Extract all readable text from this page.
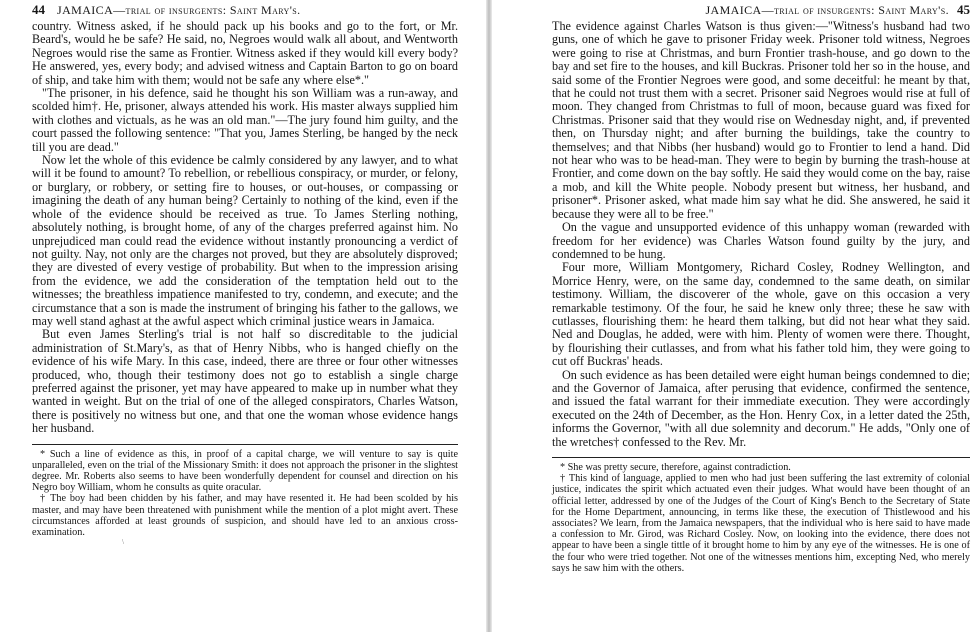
44 JAMAICA—trial of insurgents: Saint Mary's.

country. Witness asked, if he should pack up his books and go to the fort, or Mr. Beard's, would he be safe? He said, no, Negroes would walk all about, and Wentworth Negroes would rise the same as Frontier. Witness asked if they would kill every body? He answered, yes, every body; and advised witness and Captain Barton to go on board of ship, and take him with them; would not be safe any where else*."

"The prisoner, in his defence, said he thought his son William was a run-away, and scolded him†. He, prisoner, always attended his work. His master always supplied him with clothes and victuals, as he was an old man."—The jury found him guilty, and the court passed the following sentence: "That you, James Sterling, be hanged by the neck till you are dead."

Now let the whole of this evidence be calmly considered by any lawyer, and to what will it be found to amount? To rebellion, or rebellious conspiracy, or murder, or felony, or burglary, or robbery, or setting fire to houses, or out-houses, or compassing or imagining the death of any human being? Certainly to nothing of the kind, even if the whole of the evidence should be received as true. To James Sterling nothing, absolutely nothing, is brought home, of any of the charges preferred against him. No unprejudiced man could read the evidence without instantly pronouncing a verdict of not guilty. Nay, not only are the charges not proved, but they are absolutely disproved; they are divested of every vestige of probability. But when to the impression arising from the evidence, we add the consideration of the temptation held out to the witnesses; the breathless impatience manifested to try, condemn, and execute; and the circumstance that a son is made the instrument of bringing his father to the gallows, we may well stand aghast at the awful aspect which criminal justice wears in Jamaica.

But even James Sterling's trial is not half so discreditable to the judicial administration of St.Mary's, as that of Henry Nibbs, who is hanged chiefly on the evidence of his wife Mary. In this case, indeed, there are three or four other witnesses produced, who, though their testimony does not go to establish a single charge preferred against the prisoner, yet may have appeared to make up in number what they wanted in weight. But on the trial of one of the alleged conspirators, Charles Watson, there is positively no witness but one, and that one the woman whose evidence hangs her husband.

* Such a line of evidence as this, in proof of a capital charge, we will venture to say is quite unparalleled, even on the trial of the Missionary Smith: it does not approach the prisoner in the slightest degree. Mr. Roberts also seems to have been wonderfully dependent for counsel and direction on his Negro boy William, whom he consults as quite oracular.

† The boy had been chidden by his father, and may have resented it. He had been scolded by his master, and may have been threatened with punishment while the mention of a plot might avert. These circumstances afforded at least grounds of suspicion, and should have led to an anxious cross-examination.

\
JAMAICA—trial of insurgents: Saint Mary's. 45

The evidence against Charles Watson is thus given:—"Witness's husband had two guns, one of which he gave to prisoner Friday week. Prisoner told witness, Negroes were going to rise at Christmas, and burn Frontier trash-house, and go down to the bay and set fire to the houses, and kill Buckras. Prisoner told her so in the house, and said some of the Frontier Negroes were good, and some deceitful: he meant by that, that he could not trust them with a secret. Prisoner said Negroes would rise at full of moon. They changed from Christmas to full of moon, because guard was fixed for Christmas. Prisoner said that they would rise on Wednesday night, and, if prevented then, on Thursday night; and after burning the buildings, take the country to themselves; and that Nibbs (her husband) would go to Frontier to lend a hand. Did not hear who was to be head-man. They were to begin by burning the trash-house at Frontier, and come down on the bay softly. He said they would come on the bay, raise a mob, and kill the White people. Nobody present but witness, her husband, and prisoner*. Prisoner asked, what made him say what he did. She answered, he said it because they were all to be free."

On the vague and unsupported evidence of this unhappy woman (rewarded with freedom for her evidence) was Charles Watson found guilty by the jury, and condemned to be hung.

Four more, William Montgomery, Richard Cosley, Rodney Wellington, and Morrice Henry, were, on the same day, condemned to the same death, on similar testimony. William, the discoverer of the whole, gave on this occasion a very remarkable testimony. Of the four, he said he knew only three; these he saw with cutlasses, flourishing them: he heard them talking, but did not hear what they said. Ned and Douglas, he added, were with him. Plenty of women were there. Thought, by flourishing their cutlasses, and from what his father told him, they were going to cut off Buckras' heads.

On such evidence as has been detailed were eight human beings condemned to die; and the Governor of Jamaica, after perusing that evidence, confirmed the sentence, and issued the fatal warrant for their immediate execution. They were accordingly executed on the 24th of December, as the Hon. Henry Cox, in a letter dated the 25th, informs the Governor, "with all due solemnity and decorum." He adds, "Only one of the wretches† confessed to the Rev. Mr.

* She was pretty secure, therefore, against contradiction.

† This kind of language, applied to men who had just been suffering the last extremity of colonial justice, indicates the spirit which actuated even their judges. What would have been thought of an official letter, addressed by one of the Judges of the Court of King's Bench to the Secretary of State for the Home Department, announcing, in terms like these, the execution of Thistlewood and his associates? We learn, from the Jamaica newspapers, that the individual who is here said to have made a confession to Mr. Girod, was Richard Cosley. Now, on looking into the evidence, there does not appear to have been a single tittle of it brought home to him by any eye of the witnesses. He is one of the four who were tried together. Not one of the witnesses mentions him, excepting Ned, who merely says he saw him with the others.
